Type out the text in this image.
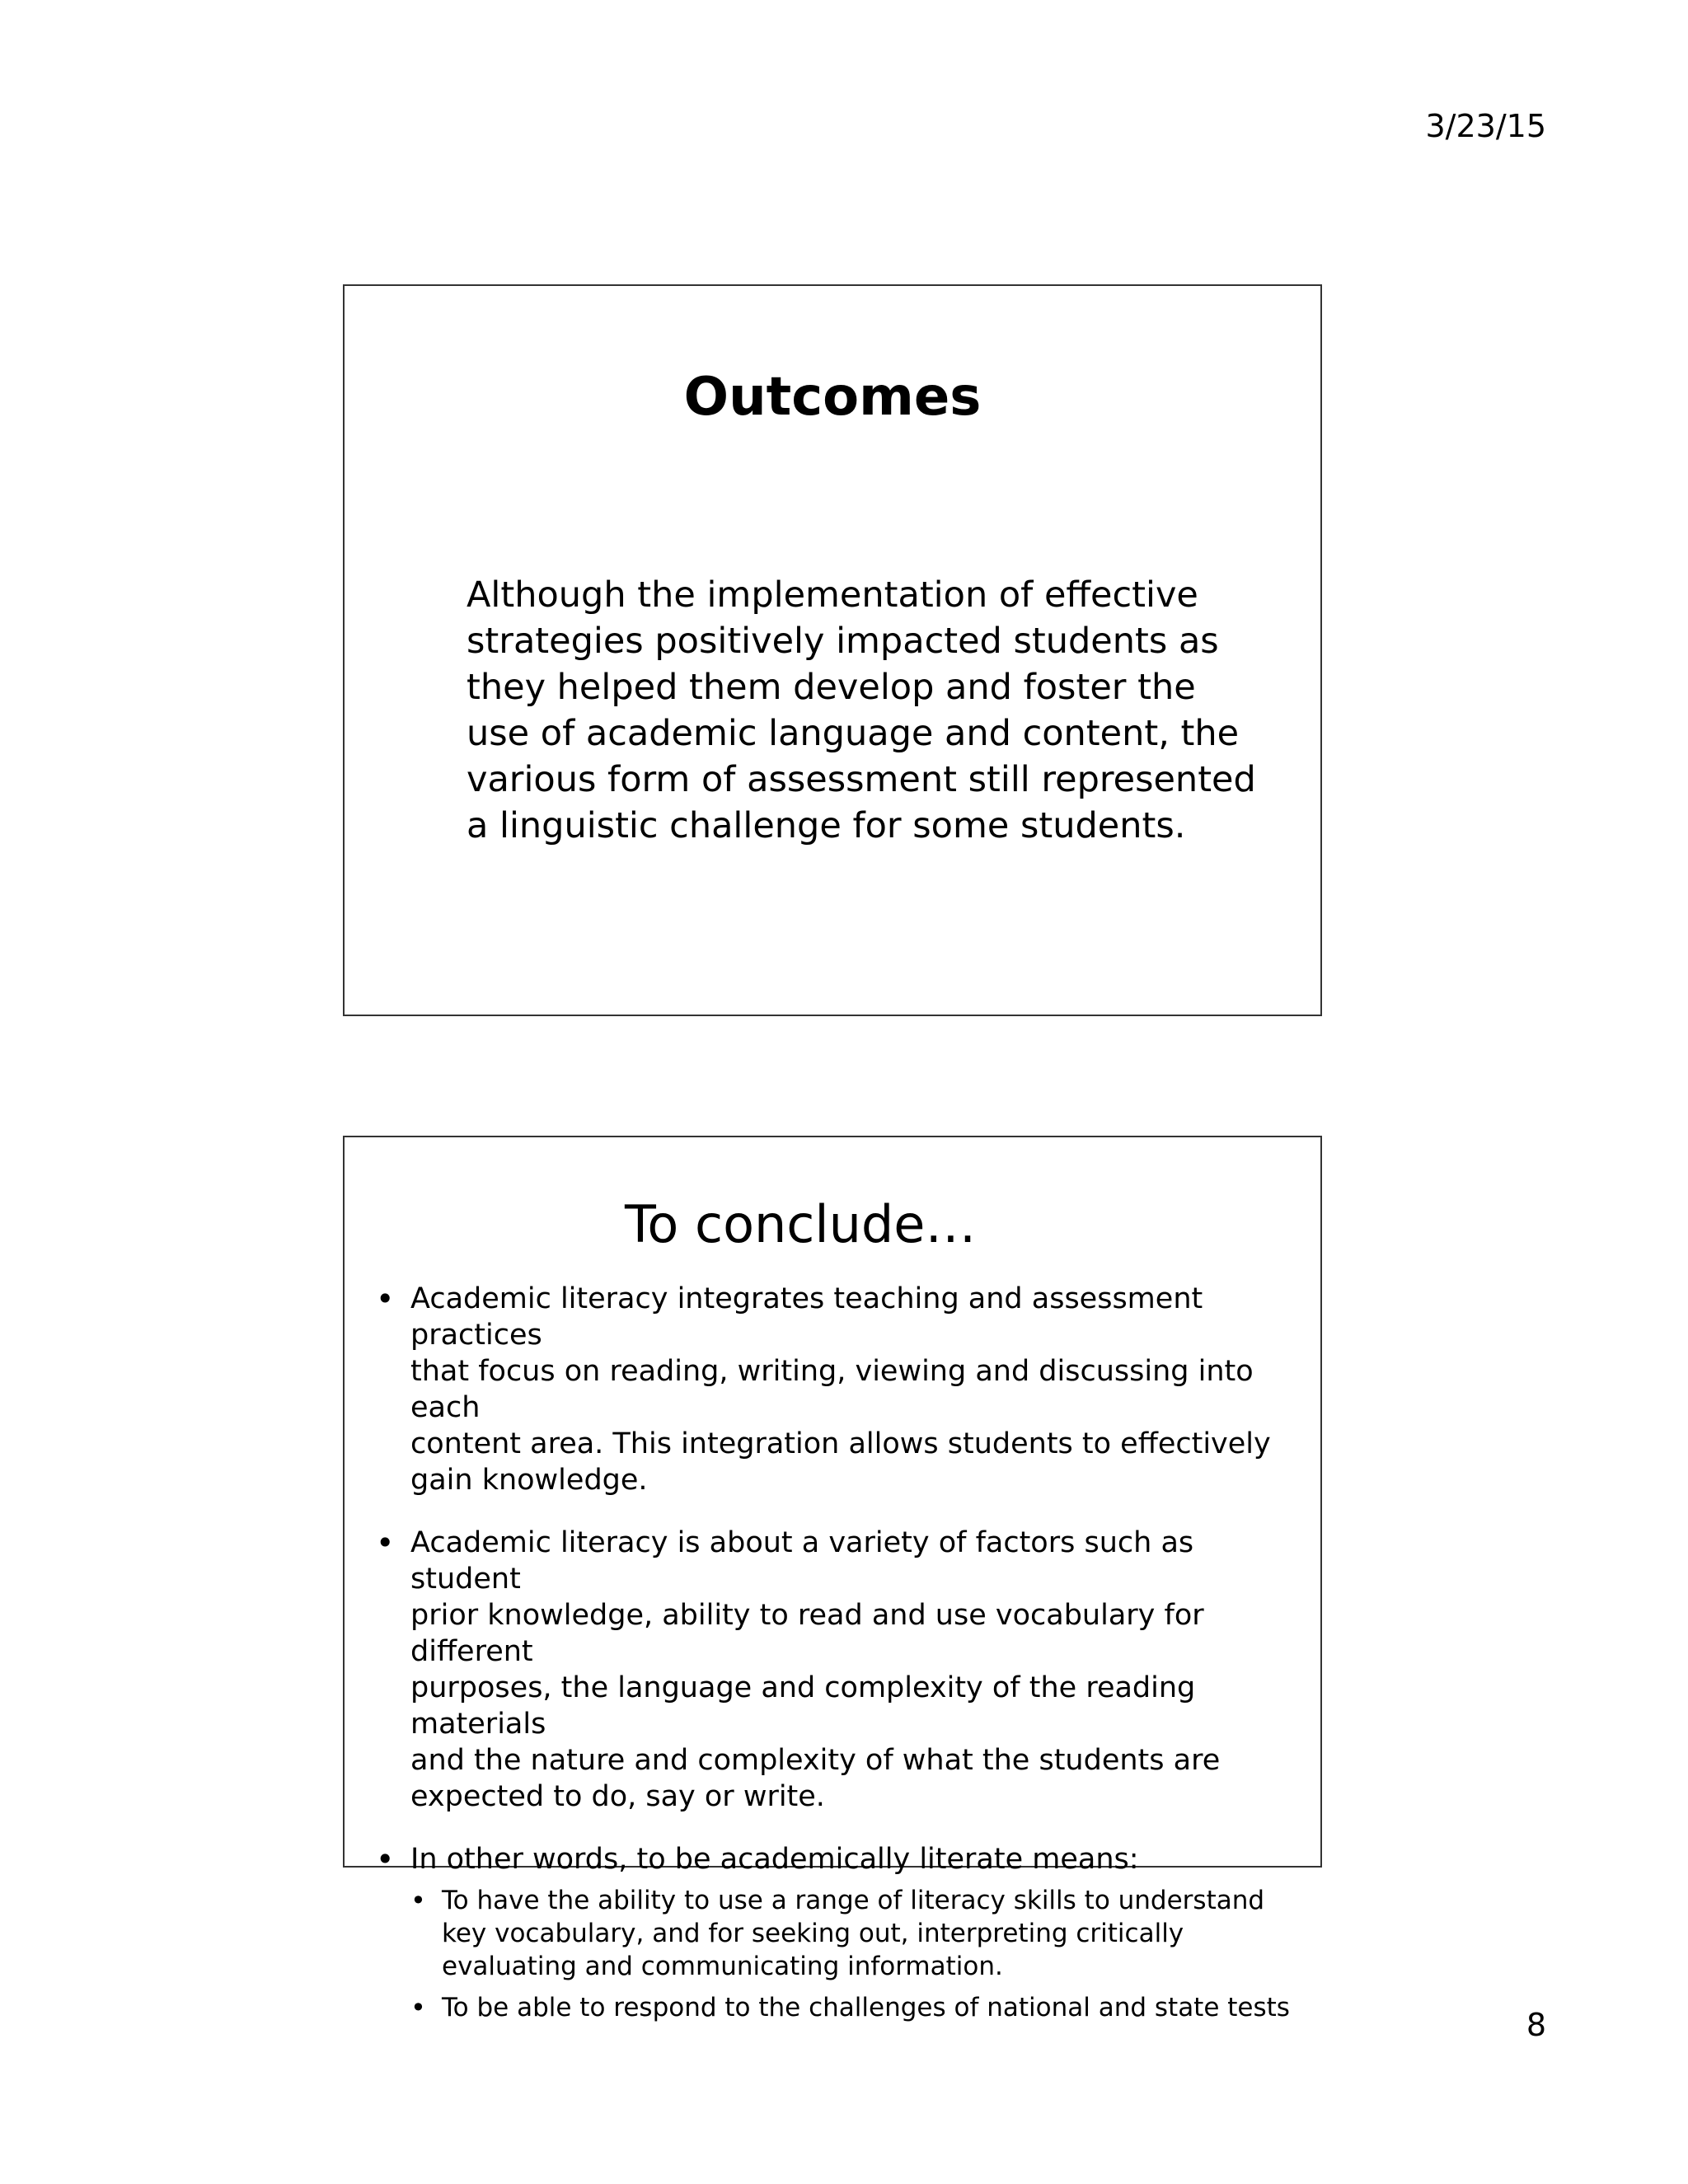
3/23/15
Outcomes

Although the implementation of effective
strategies positively impacted students as
they helped them develop and foster the
use of academic language and content, the
various form of assessment still represented
a linguistic challenge for some students.

To conclude…
• Academic literacy integrates teaching and assessment practices
that focus on reading, writing, viewing and discussing into each
content area. This integration allows students to effectively
gain knowledge.
• Academic literacy is about a variety of factors such as student
prior knowledge, ability to read and use vocabulary for different
purposes, the language and complexity of the reading materials
and the nature and complexity of what the students are
expected to do, say or write.
• In other words, to be academically literate means:
• To have the ability to use a range of literacy skills to understand
key vocabulary, and for seeking out, interpreting critically
evaluating and communicating information.
• To be able to respond to the challenges of national and state tests	8
